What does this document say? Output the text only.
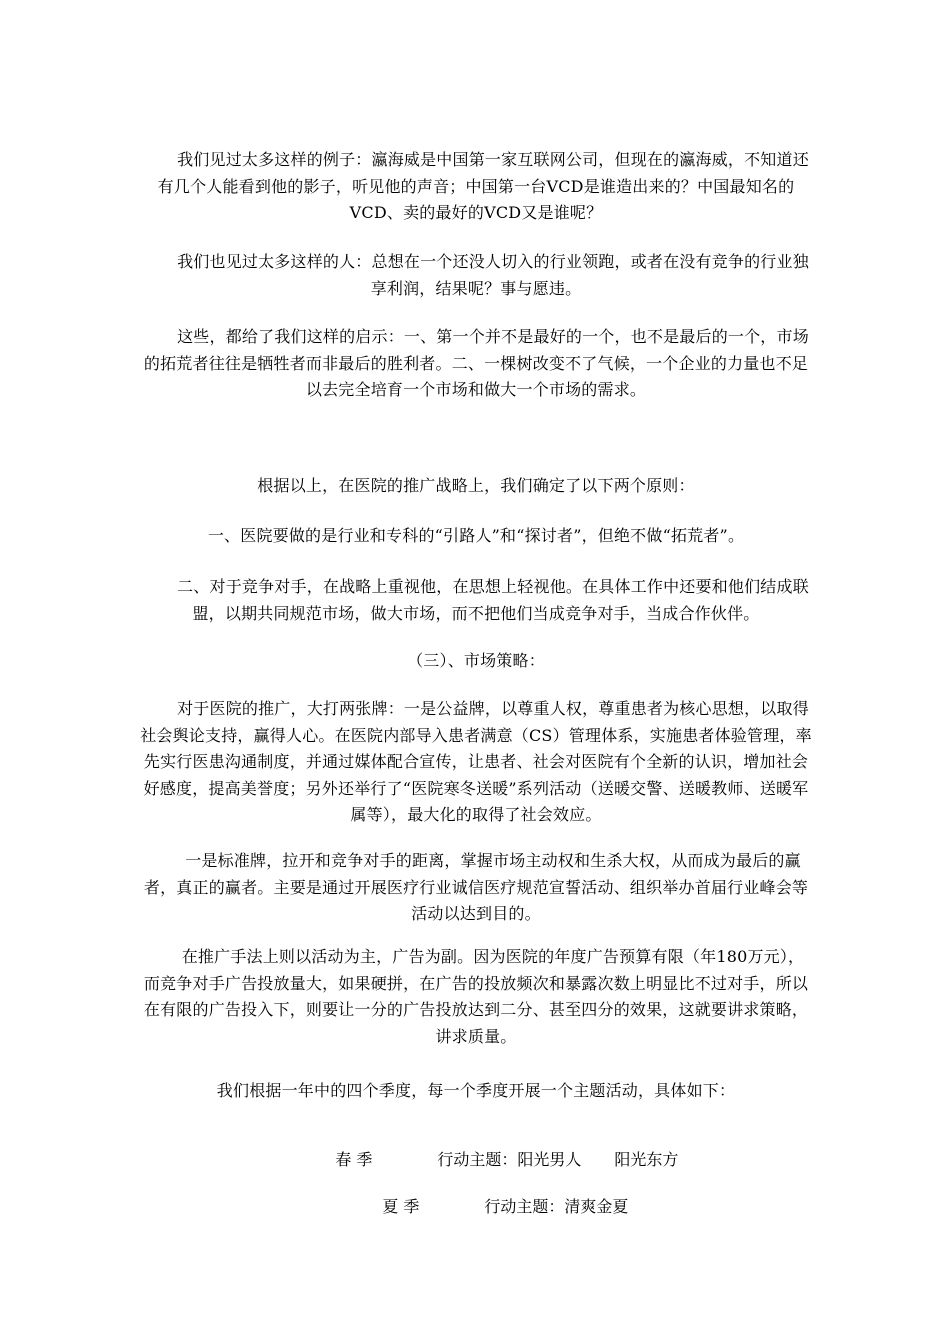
我们见过太多这样的例子：瀛海威是中国第一家互联网公司，但现在的瀛海威，不知道还有几个人能看到他的影子，听见他的声音；中国第一台VCD是谁造出来的？中国最知名的VCD、卖的最好的VCD又是谁呢？

我们也见过太多这样的人：总想在一个还没人切入的行业领跑，或者在没有竞争的行业独享利润，结果呢？事与愿违。

这些，都给了我们这样的启示：一、第一个并不是最好的一个，也不是最后的一个，市场的拓荒者往往是牺牲者而非最后的胜利者。二、一棵树改变不了气候，一个企业的力量也不足以去完全培育一个市场和做大一个市场的需求。

根据以上，在医院的推广战略上，我们确定了以下两个原则：

一、医院要做的是行业和专科的“引路人”和“探讨者”，但绝不做“拓荒者”。

二、对于竞争对手，在战略上重视他，在思想上轻视他。在具体工作中还要和他们结成联盟，以期共同规范市场，做大市场，而不把他们当成竞争对手，当成合作伙伴。

（三）、市场策略：

对于医院的推广，大打两张牌：一是公益牌，以尊重人权，尊重患者为核心思想，以取得社会舆论支持，赢得人心。在医院内部导入患者满意（CS）管理体系，实施患者体验管理，率先实行医患沟通制度，并通过媒体配合宣传，让患者、社会对医院有个全新的认识，增加社会好感度，提高美誉度；另外还举行了“医院寒冬送暖”系列活动（送暖交警、送暖教师、送暖军属等），最大化的取得了社会效应。

一是标准牌，拉开和竞争对手的距离，掌握市场主动权和生杀大权，从而成为最后的赢者，真正的赢者。主要是通过开展医疗行业诚信医疗规范宣誓活动、组织举办首届行业峰会等活动以达到目的。

在推广手法上则以活动为主，广告为副。因为医院的年度广告预算有限（年180万元），而竞争对手广告投放量大，如果硬拼，在广告的投放频次和暴露次数上明显比不过对手，所以在有限的广告投入下，则要让一分的广告投放达到二分、甚至四分的效果，这就要讲求策略，讲求质量。

我们根据一年中的四个季度，每一个季度开展一个主题活动，具体如下：

春 季
	行动主题：阳光男人
	阳光东方

夏 季
	行动主题：清爽金夏
